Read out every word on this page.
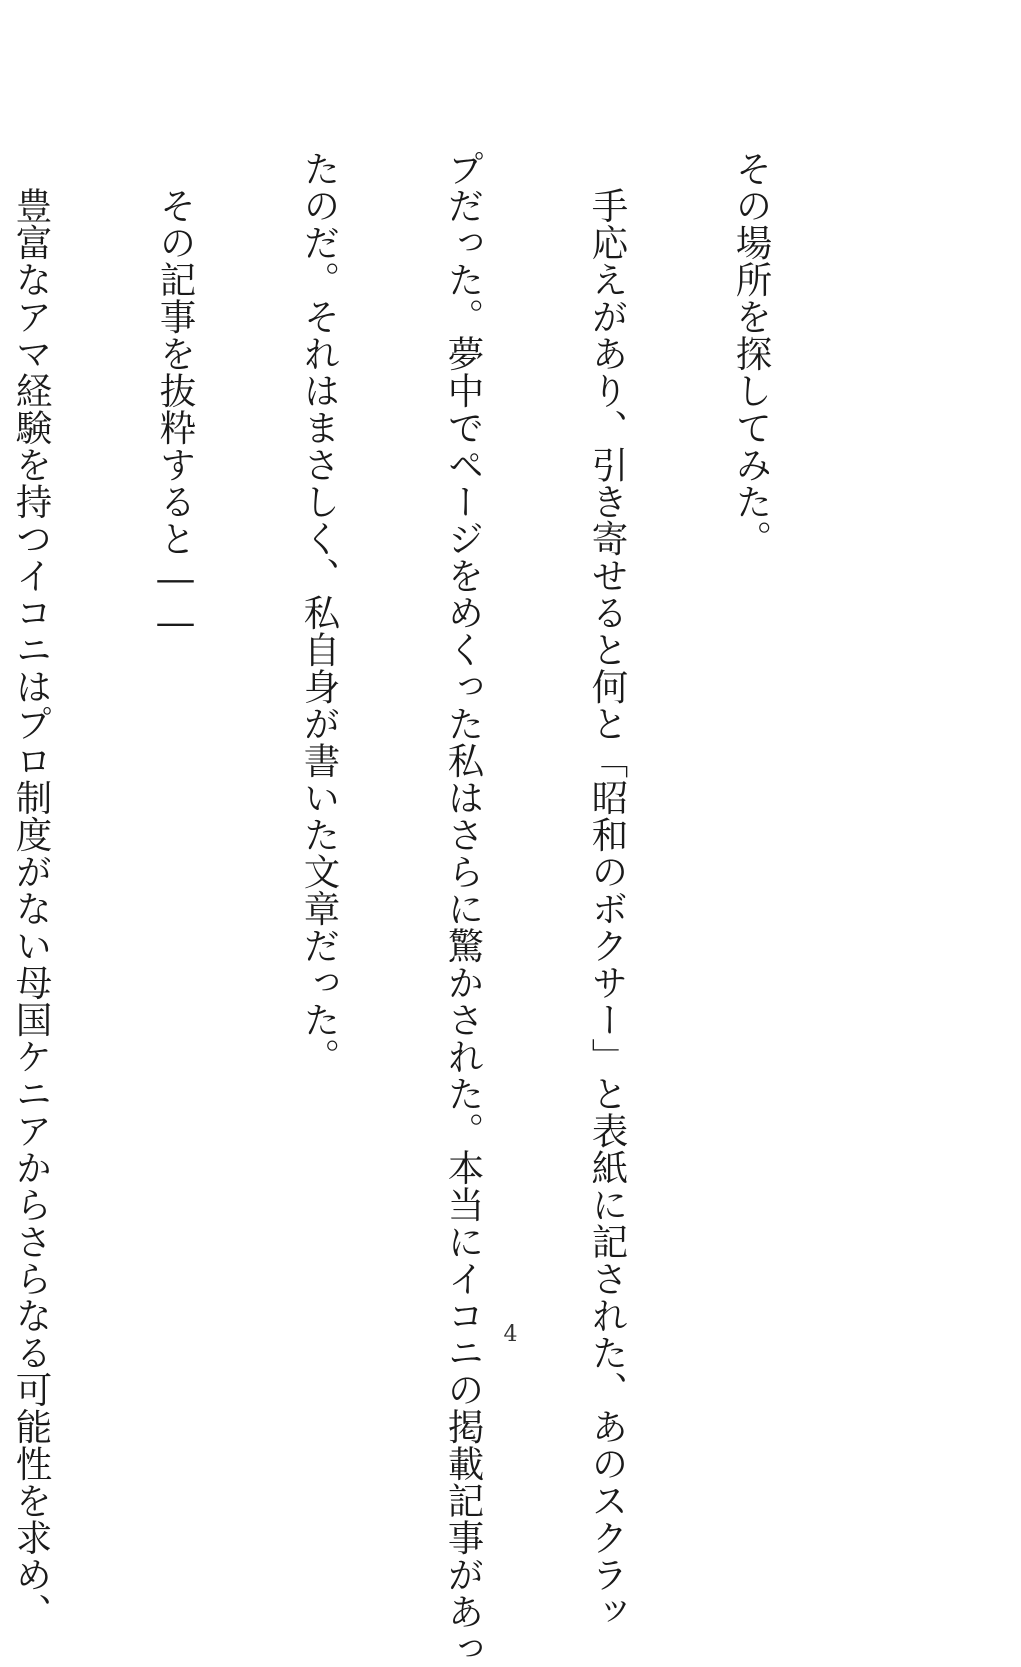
その場所を探してみた。

　手応えがあり、引き寄せると何と「昭和のボクサー」と表紙に記された、あのスクラッ

プだった。夢中でページをめくった私はさらに驚かされた。本当にイコニの掲載記事があっ

たのだ。それはまさしく、私自身が書いた文章だった。

　その記事を抜粋すると――

　豊富なアマ経験を持つイコニはプロ制度がない母国ケニアからさらなる可能性を求め、

	4
